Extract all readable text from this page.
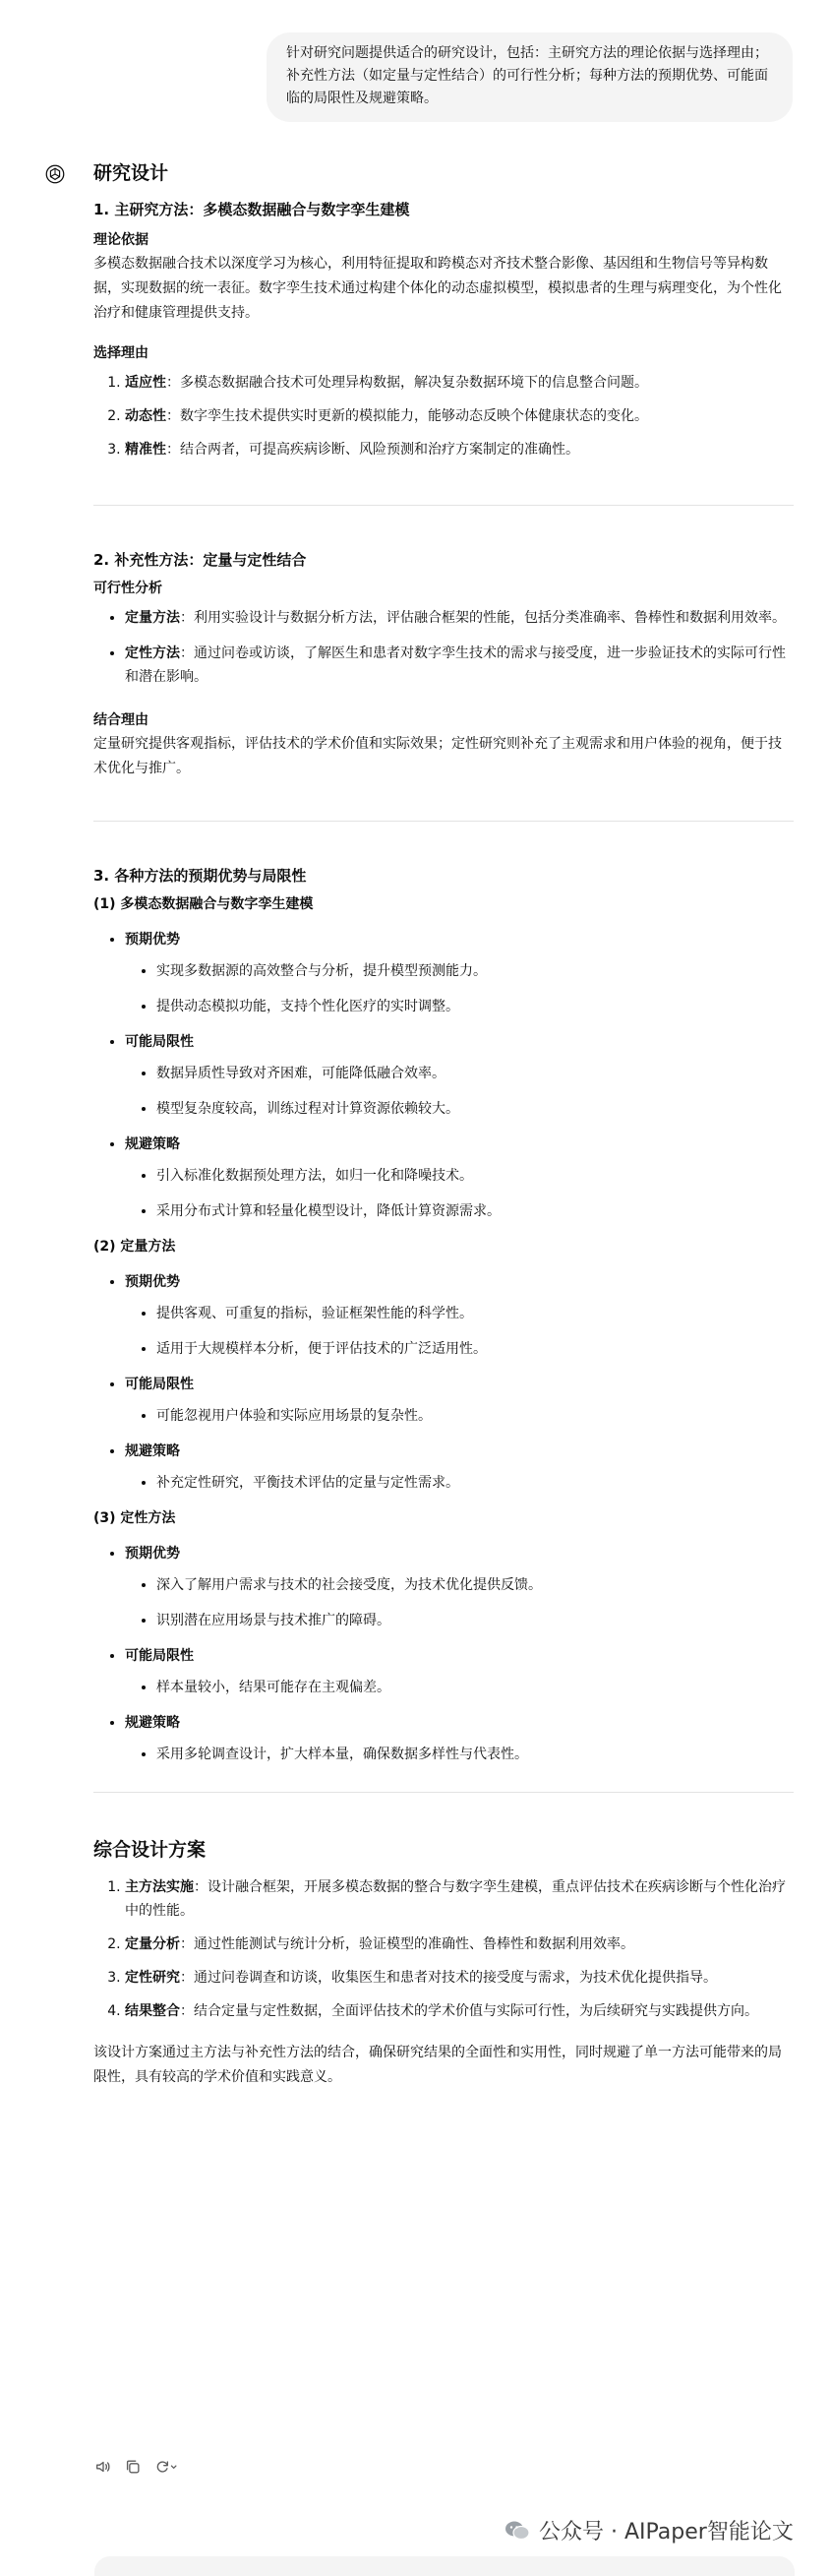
针对研究问题提供适合的研究设计，包括：主研究方法的理论依据与选择理由；补充性方法（如定量与定性结合）的可行性分析；每种方法的预期优势、可能面临的局限性及规避策略。
研究设计
1. 主研究方法：多模态数据融合与数字孪生建模
理论依据

多模态数据融合技术以深度学习为核心，利用特征提取和跨模态对齐技术整合影像、基因组和生物信号等异构数据，实现数据的统一表征。数字孪生技术通过构建个体化的动态虚拟模型，模拟患者的生理与病理变化，为个性化治疗和健康管理提供支持。

选择理由
1. 适应性：多模态数据融合技术可处理异构数据，解决复杂数据环境下的信息整合问题。
2. 动态性：数字孪生技术提供实时更新的模拟能力，能够动态反映个体健康状态的变化。
3. 精准性：结合两者，可提高疾病诊断、风险预测和治疗方案制定的准确性。
2. 补充性方法：定量与定性结合
可行性分析
• 定量方法：利用实验设计与数据分析方法，评估融合框架的性能，包括分类准确率、鲁棒性和数据利用效率。
• 定性方法：通过问卷或访谈，了解医生和患者对数字孪生技术的需求与接受度，进一步验证技术的实际可行性和潜在影响。
结合理由

定量研究提供客观指标，评估技术的学术价值和实际效果；定性研究则补充了主观需求和用户体验的视角，便于技术优化与推广。

3. 各种方法的预期优势与局限性
(1) 多模态数据融合与数字孪生建模
• 预期优势
• 实现多数据源的高效整合与分析，提升模型预测能力。
• 提供动态模拟功能，支持个性化医疗的实时调整。
• 可能局限性
• 数据异质性导致对齐困难，可能降低融合效率。
• 模型复杂度较高，训练过程对计算资源依赖较大。
• 规避策略
• 引入标准化数据预处理方法，如归一化和降噪技术。
• 采用分布式计算和轻量化模型设计，降低计算资源需求。
(2) 定量方法
• 预期优势
• 提供客观、可重复的指标，验证框架性能的科学性。
• 适用于大规模样本分析，便于评估技术的广泛适用性。
• 可能局限性
• 可能忽视用户体验和实际应用场景的复杂性。
• 规避策略
• 补充定性研究，平衡技术评估的定量与定性需求。
(3) 定性方法
• 预期优势
• 深入了解用户需求与技术的社会接受度，为技术优化提供反馈。
• 识别潜在应用场景与技术推广的障碍。
• 可能局限性
• 样本量较小，结果可能存在主观偏差。
• 规避策略
• 采用多轮调查设计，扩大样本量，确保数据多样性与代表性。
综合设计方案
1. 主方法实施：设计融合框架，开展多模态数据的整合与数字孪生建模，重点评估技术在疾病诊断与个性化治疗中的性能。
2. 定量分析：通过性能测试与统计分析，验证模型的准确性、鲁棒性和数据利用效率。
3. 定性研究：通过问卷调查和访谈，收集医生和患者对技术的接受度与需求，为技术优化提供指导。
4. 结果整合：结合定量与定性数据，全面评估技术的学术价值与实际可行性，为后续研究与实践提供方向。

该设计方案通过主方法与补充性方法的结合，确保研究结果的全面性和实用性，同时规避了单一方法可能带来的局限性，具有较高的学术价值和实践意义。

公众号 · AIPaper智能论文
